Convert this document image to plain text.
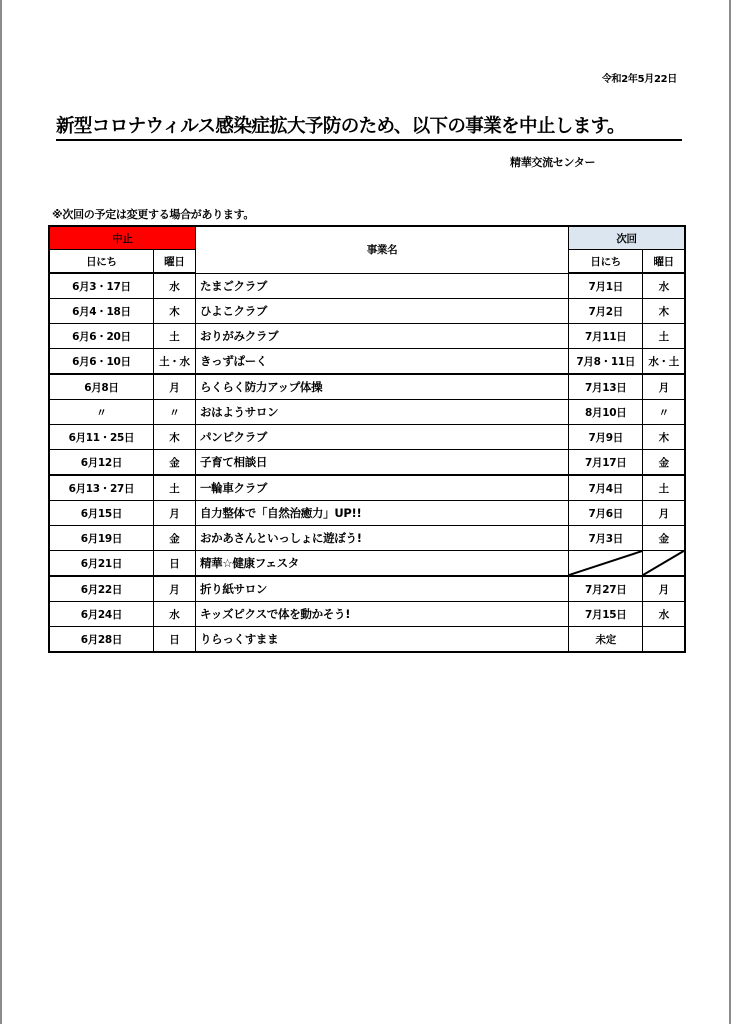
令和2年5月22日
新型コロナウィルス感染症拡大予防のため、以下の事業を中止します。
精華交流センター
※次回の予定は変更する場合があります。
中止		事業名	次回	
日にち	曜日		日にち	曜日
6月3・17日	水	たまごクラブ	7月1日	水
6月4・18日	木	ひよこクラブ	7月2日	木
6月6・20日	土	おりがみクラブ	7月11日	土
6月6・10日	土・水	きっずぱーく	7月8・11日	水・土
6月8日	月	らくらく防力アップ体操	7月13日	月
〃	〃	おはようサロン	8月10日	〃
6月11・25日	木	パンピクラブ	7月9日	木
6月12日	金	子育て相談日	7月17日	金
6月13・27日	土	一輪車クラブ	7月4日	土
6月15日	月	自力整体で「自然治癒力」UP!!	7月6日	月
6月19日	金	おかあさんといっしょに遊ぼう!	7月3日	金
6月21日	日	精華☆健康フェスタ	

6月22日	月	折り紙サロン	7月27日	月
6月24日	水	キッズピクスで体を動かそう!	7月15日	水
6月28日	日	りらっくすまま	未定	
